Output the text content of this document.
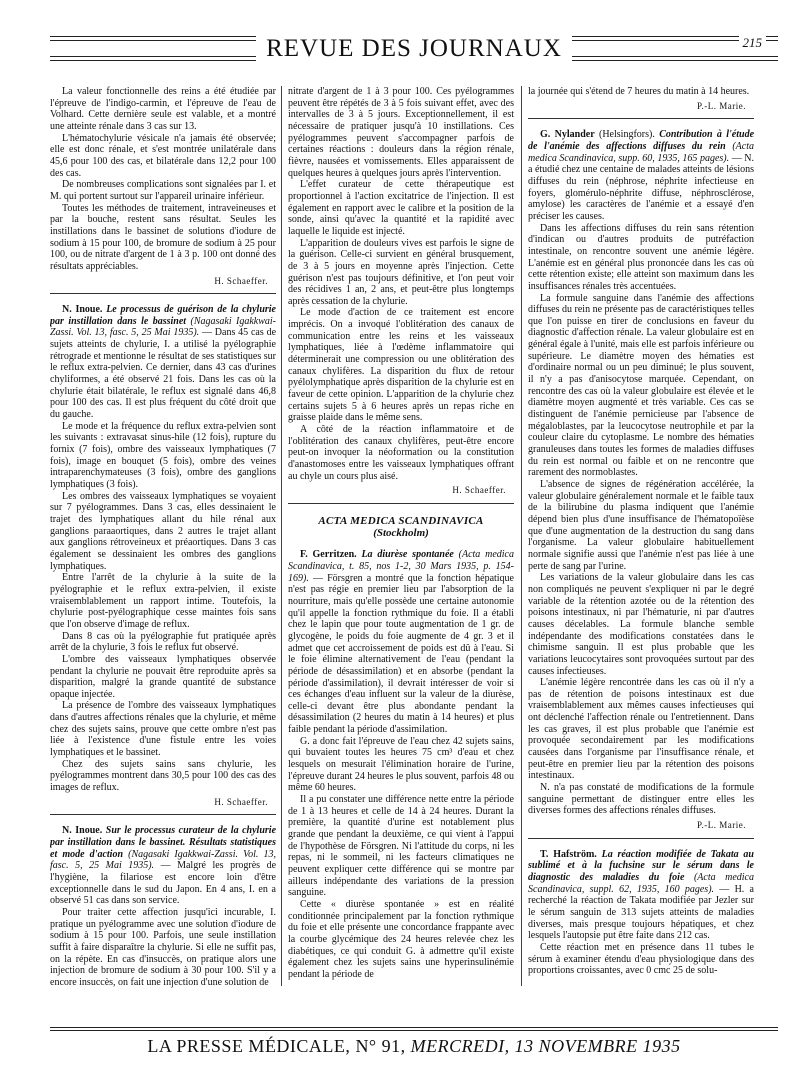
REVUE DES JOURNAUX	215

La valeur fonctionnelle des reins a été étudiée par l'épreuve de l'indigo-carmin, et l'épreuve de l'eau de Volhard. Cette dernière seule est valable, et a montré une atteinte rénale dans 3 cas sur 13.

L'hématochylurie vésicale n'a jamais été observée; elle est donc rénale, et s'est montrée unilatérale dans 45,6 pour 100 des cas, et bilatérale dans 12,2 pour 100 des cas.

De nombreuses complications sont signalées par I. et M. qui portent surtout sur l'appareil urinaire inférieur.

Toutes les méthodes de traitement, intraveineuses et par la bouche, restent sans résultat. Seules les instillations dans le bassinet de solutions d'iodure de sodium à 15 pour 100, de bromure de sodium à 25 pour 100, ou de nitrate d'argent de 1 à 3 p. 100 ont donné des résultats appréciables.

H. Schaeffer.

N. Inoue. Le processus de guérison de la chylurie par instillation dans le bassinet (Nagasaki Igakkwai-Zassi. Vol. 13, fasc. 5, 25 Mai 1935). — Dans 45 cas de sujets atteints de chylurie, I. a utilisé la pyélographie rétrograde et mentionne le résultat de ses statistiques sur le reflux extra-pelvien. Ce dernier, dans 43 cas d'urines chyliformes, a été observé 21 fois. Dans les cas où la chylurie était bilatérale, le reflux est signalé dans 46,8 pour 100 des cas. Il est plus fréquent du côté droit que du gauche.

Le mode et la fréquence du reflux extra-pelvien sont les suivants : extravasat sinus-hile (12 fois), rupture du fornix (7 fois), ombre des vaisseaux lymphatiques (7 fois), image en bouquet (5 fois), ombre des veines intraparenchymateuses (3 fois), ombre des ganglions lymphatiques (3 fois).

Les ombres des vaisseaux lymphatiques se voyaient sur 7 pyélogrammes. Dans 3 cas, elles dessinaient le trajet des lymphatiques allant du hile rénal aux ganglions paraaortiques, dans 2 autres le trajet allant aux ganglions rétroveineux et préaortiques. Dans 3 cas également se dessinaient les ombres des ganglions lymphatiques.

Entre l'arrêt de la chylurie à la suite de la pyélographie et le reflux extra-pelvien, il existe vraisemblablement un rapport intime. Toutefois, la chylurie post-pyélographique cesse maintes fois sans que l'on observe d'image de reflux.

Dans 8 cas où la pyélographie fut pratiquée après arrêt de la chylurie, 3 fois le reflux fut observé.

L'ombre des vaisseaux lymphatiques observée pendant la chylurie ne pouvait être reproduite après sa disparition, malgré la grande quantité de substance opaque injectée.

La présence de l'ombre des vaisseaux lymphatiques dans d'autres affections rénales que la chylurie, et même chez des sujets sains, prouve que cette ombre n'est pas liée à l'existence d'une fistule entre les voies lymphatiques et le bassinet.

Chez des sujets sains sans chylurie, les pyélogrammes montrent dans 30,5 pour 100 des cas des images de reflux.

H. Schaeffer.

N. Inoue. Sur le processus curateur de la chylurie par instillation dans le bassinet. Résultats statistiques et mode d'action (Nagasaki Igakkwai-Zassi. Vol. 13, fasc. 5, 25 Mai 1935). — Malgré les progrès de l'hygiène, la filariose est encore loin d'être exceptionnelle dans le sud du Japon. En 4 ans, I. en a observé 51 cas dans son service.

Pour traiter cette affection jusqu'ici incurable, I. pratique un pyélogramme avec une solution d'iodure de sodium à 15 pour 100. Parfois, une seule instillation suffit à faire disparaître la chylurie. Si elle ne suffit pas, on la répète. En cas d'insuccès, on pratique alors une injection de bromure de sodium à 30 pour 100. S'il y a encore insuccès, on fait une injection d'une solution de

nitrate d'argent de 1 à 3 pour 100. Ces pyélogrammes peuvent être répétés de 3 à 5 fois suivant effet, avec des intervalles de 3 à 5 jours. Exceptionnellement, il est nécessaire de pratiquer jusqu'à 10 instillations. Ces pyélogrammes peuvent s'accompagner parfois de certaines réactions : douleurs dans la région rénale, fièvre, nausées et vomissements. Elles apparaissent de quelques heures à quelques jours après l'intervention.

L'effet curateur de cette thérapeutique est proportionnel à l'action excitatrice de l'injection. Il est également en rapport avec le calibre et la position de la sonde, ainsi qu'avec la quantité et la rapidité avec laquelle le liquide est injecté.

L'apparition de douleurs vives est parfois le signe de la guérison. Celle-ci survient en général brusquement, de 3 à 5 jours en moyenne après l'injection. Cette guérison n'est pas toujours définitive, et l'on peut voir des récidives 1 an, 2 ans, et peut-être plus longtemps après cessation de la chylurie.

Le mode d'action de ce traitement est encore imprécis. On a invoqué l'oblitération des canaux de communication entre les reins et les vaisseaux lymphatiques, liée à l'œdème inflammatoire qui déterminerait une compression ou une oblitération des canaux chylifères. La disparition du flux de retour pyélolymphatique après disparition de la chylurie est en faveur de cette opinion. L'apparition de la chylurie chez certains sujets 5 à 6 heures après un repas riche en graisse plaide dans le même sens.

A côté de la réaction inflammatoire et de l'oblitération des canaux chylifères, peut-être encore peut-on invoquer la néoformation ou la constitution d'anastomoses entre les vaisseaux lymphatiques offrant au chyle un cours plus aisé.

H. Schaeffer.
ACTA MEDICA SCANDINAVICA
(Stockholm)

F. Gerritzen. La diurèse spontanée (Acta medica Scandinavica, t. 85, nos 1-2, 30 Mars 1935, p. 154-169). — Försgren a montré que la fonction hépatique n'est pas régie en premier lieu par l'absorption de la nourriture, mais qu'elle possède une certaine autonomie qu'il appelle la fonction rythmique du foie. Il a établi chez le lapin que pour toute augmentation de 1 gr. de glycogène, le poids du foie augmente de 4 gr. 3 et il admet que cet accroissement de poids est dû à l'eau. Si le foie élimine alternativement de l'eau (pendant la période de désassimilation) et en absorbe (pendant la période d'assimilation), il devrait intéresser de voir si ces échanges d'eau influent sur la valeur de la diurèse, celle-ci devant être plus abondante pendant la désassimilation (2 heures du matin à 14 heures) et plus faible pendant la période d'assimilation.

G. a donc fait l'épreuve de l'eau chez 42 sujets sains, qui buvaient toutes les heures 75 cm³ d'eau et chez lesquels on mesurait l'élimination horaire de l'urine, l'épreuve durant 24 heures le plus souvent, parfois 48 ou même 60 heures.

Il a pu constater une différence nette entre la période de 1 à 13 heures et celle de 14 à 24 heures. Durant la première, la quantité d'urine est notablement plus grande que pendant la deuxième, ce qui vient à l'appui de l'hypothèse de Försgren. Ni l'attitude du corps, ni les repas, ni le sommeil, ni les facteurs climatiques ne peuvent expliquer cette différence qui se montre par ailleurs indépendante des variations de la pression sanguine.

Cette « diurèse spontanée » est en réalité conditionnée principalement par la fonction rythmique du foie et elle présente une concordance frappante avec la courbe glycémique des 24 heures relevée chez les diabétiques, ce qui conduit G. à admettre qu'il existe également chez les sujets sains une hyperinsulinémie pendant la période de

la journée qui s'étend de 7 heures du matin à 14 heures.

P.-L. Marie.

G. Nylander (Helsingfors). Contribution à l'étude de l'anémie des affections diffuses du rein (Acta medica Scandinavica, supp. 60, 1935, 165 pages). — N. a étudié chez une centaine de malades atteints de lésions diffuses du rein (néphrose, néphrite infectieuse en foyers, glomérulo-néphrite diffuse, néphrosclérose, amylose) les caractères de l'anémie et a essayé d'en préciser les causes.

Dans les affections diffuses du rein sans rétention d'indican ou d'autres produits de putréfaction intestinale, on rencontre souvent une anémie légère. L'anémie est en général plus prononcée dans les cas où cette rétention existe; elle atteint son maximum dans les insuffisances rénales très accentuées.

La formule sanguine dans l'anémie des affections diffuses du rein ne présente pas de caractéristiques telles que l'on puisse en tirer de conclusions en faveur du diagnostic d'affection rénale. La valeur globulaire est en général égale à l'unité, mais elle est parfois inférieure ou supérieure. Le diamètre moyen des hématies est d'ordinaire normal ou un peu diminué; le plus souvent, il n'y a pas d'anisocytose marquée. Cependant, on rencontre des cas où la valeur globulaire est élevée et le diamètre moyen augmenté et très variable. Ces cas se distinguent de l'anémie pernicieuse par l'absence de mégaloblastes, par la leucocytose neutrophile et par la couleur claire du cytoplasme. Le nombre des hématies granuleuses dans toutes les formes de maladies diffuses du rein est normal ou faible et on ne rencontre que rarement des normoblastes.

L'absence de signes de régénération accélérée, la valeur globulaire généralement normale et le faible taux de la bilirubine du plasma indiquent que l'anémie dépend bien plus d'une insuffisance de l'hématopoïèse que d'une augmentation de la destruction du sang dans l'organisme. La valeur globulaire habituellement normale signifie aussi que l'anémie n'est pas liée à une perte de sang par l'urine.

Les variations de la valeur globulaire dans les cas non compliqués ne peuvent s'expliquer ni par le degré variable de la rétention azotée ou de la rétention des poisons intestinaux, ni par l'hématurie, ni par d'autres causes décelables. La formule blanche semble indépendante des modifications constatées dans le chimisme sanguin. Il est plus probable que les variations leucocytaires sont provoquées surtout par des causes infectieuses.

L'anémie légère rencontrée dans les cas où il n'y a pas de rétention de poisons intestinaux est due vraisemblablement aux mêmes causes infectieuses qui ont déclenché l'affection rénale ou l'entretiennent. Dans les cas graves, il est plus probable que l'anémie est provoquée secondairement par les modifications causées dans l'organisme par l'insuffisance rénale, et peut-être en premier lieu par la rétention des poisons intestinaux.

N. n'a pas constaté de modifications de la formule sanguine permettant de distinguer entre elles les diverses formes des affections rénales diffuses.

P.-L. Marie.

T. Hafström. La réaction modifiée de Takata au sublimé et à la fuchsine sur le sérum dans le diagnostic des maladies du foie (Acta medica Scandinavica, suppl. 62, 1935, 160 pages). — H. a recherché la réaction de Takata modifiée par Jezler sur le sérum sanguin de 313 sujets atteints de maladies diverses, mais presque toujours hépatiques, et chez lesquels l'autopsie put être faite dans 212 cas.

Cette réaction met en présence dans 11 tubes le sérum à examiner étendu d'eau physiologique dans des proportions croissantes, avec 0 cmc 25 de solu-

LA PRESSE MÉDICALE, N° 91, MERCREDI, 13 NOVEMBRE 1935
